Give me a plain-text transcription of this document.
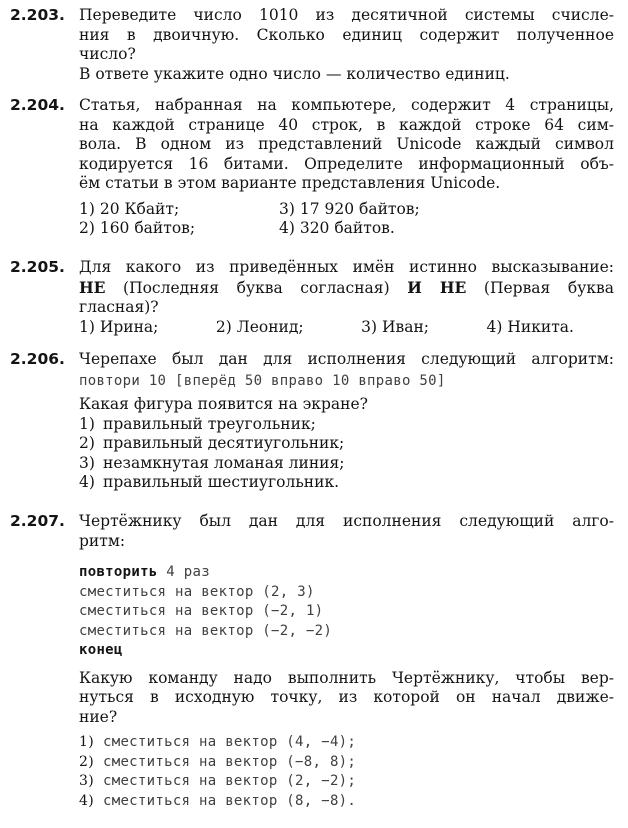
2.203. Переведите число 1010 из десятичной системы счисле-
ния в двоичную. Сколько единиц содержит полученное
число?
В ответе укажите одно число — количество единиц.
2.204. Статья, набранная на компьютере, содержит 4 страницы,
на каждой странице 40 строк, в каждой строке 64 сим-
вола. В одном из представлений Unicode каждый символ
кодируется 16 битами. Определите информационный объ-
ём статьи в этом варианте представления Unicode.
1) 20 Кбайт;	3) 17 920 байтов;
2) 160 байтов;	4) 320 байтов.
2.205. Для какого из приведённых имён истинно высказывание:
НЕ (Последняя буква согласная) И НЕ (Первая буква
гласная)?
1) Ирина;	2) Леонид;	3) Иван;	4) Никита.
2.206. Черепахе был дан для исполнения следующий алгоритм:
повтори 10 [вперёд 50 вправо 10 вправо 50]
Какая фигура появится на экране?
1) правильный треугольник;
2) правильный десятиугольник;
3) незамкнутая ломаная линия;
4) правильный шестиугольник.
2.207. Чертёжнику был дан для исполнения следующий алго-
ритм:
повторить 4 раз
сместиться на вектор (2, 3)
сместиться на вектор (−2, 1)
сместиться на вектор (−2, −2)
конец
Какую команду надо выполнить Чертёжнику, чтобы вер-
нуться в исходную точку, из которой он начал движе-
ние?
1) сместиться на вектор (4, −4);
2) сместиться на вектор (−8, 8);
3) сместиться на вектор (2, −2);
4) сместиться на вектор (8, −8).
